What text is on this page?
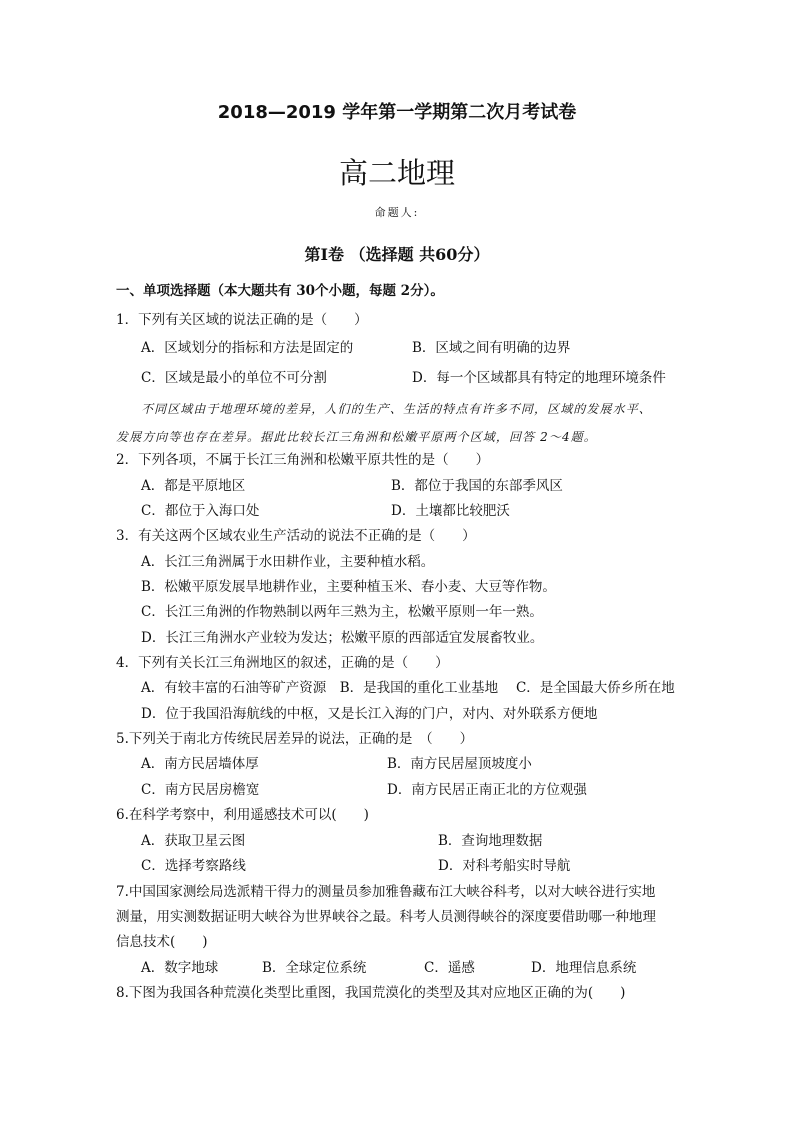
2018—2019 学年第一学期第二次月考试卷
高二地理
命题人:
第Ⅰ卷 （选择题 共60分）
一、单项选择题（本大题共有 30个小题，每题 2分）。
1．下列有关区域的说法正确的是（　　）
A．区域划分的指标和方法是固定的	B．区域之间有明确的边界
C．区域是最小的单位不可分割	D．每一个区域都具有特定的地理环境条件
不同区域由于地理环境的差异，人们的生产、生活的特点有许多不同，区域的发展水平、
发展方向等也存在差异。据此比较长江三角洲和松嫩平原两个区域，回答 2～4题。
2．下列各项，不属于长江三角洲和松嫩平原共性的是（　　）
A．都是平原地区	B．都位于我国的东部季风区
C．都位于入海口处	D．土壤都比较肥沃
3．有关这两个区域农业生产活动的说法不正确的是（　　）
A．长江三角洲属于水田耕作业，主要种植水稻。
B．松嫩平原发展旱地耕作业，主要种植玉米、春小麦、大豆等作物。
C．长江三角洲的作物熟制以两年三熟为主，松嫩平原则一年一熟。
D．长江三角洲水产业较为发达；松嫩平原的西部适宜发展畜牧业。
4．下列有关长江三角洲地区的叙述，正确的是（　　）
A．有较丰富的石油等矿产资源　B．是我国的重化工业基地　 C．是全国最大侨乡所在地
D．位于我国沿海航线的中枢，又是长江入海的门户，对内、对外联系方便地
5.下列关于南北方传统民居差异的说法，正确的是　（　　）
A．南方民居墙体厚	B．南方民居屋顶坡度小
C．南方民居房檐宽	D．南方民居正南正北的方位观强
6.在科学考察中，利用遥感技术可以(　　)
A．获取卫星云图	B．查询地理数据
C．选择考察路线	D．对科考船实时导航
7.中国国家测绘局选派精干得力的测量员参加雅鲁藏布江大峡谷科考，以对大峡谷进行实地
测量，用实测数据证明大峡谷为世界峡谷之最。科考人员测得峡谷的深度要借助哪一种地理
信息技术(　　)
A．数字地球	B．全球定位系统	C．遥感	D．地理信息系统
8.下图为我国各种荒漠化类型比重图，我国荒漠化的类型及其对应地区正确的为(　　)
